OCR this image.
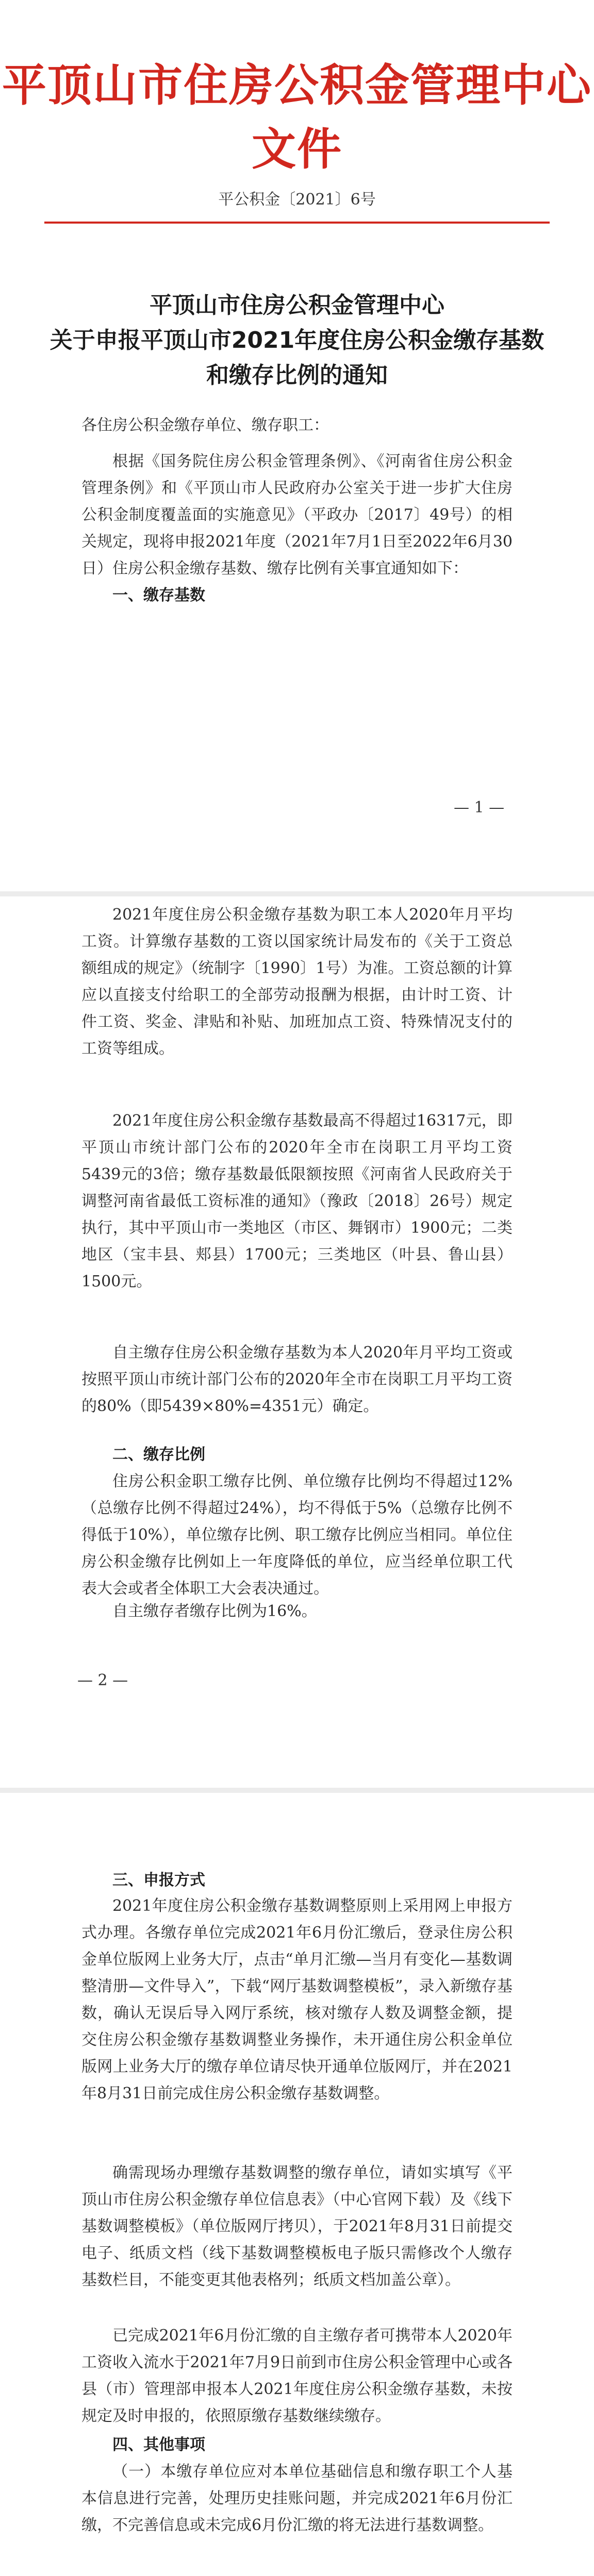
平顶山市住房公积金管理中心文件
平公积金〔2021〕6号
平顶山市住房公积金管理中心
关于申报平顶山市2021年度住房公积金缴存基数
和缴存比例的通知
各住房公积金缴存单位、缴存职工：
根据《国务院住房公积金管理条例》、《河南省住房公积金管理条例》和《平顶山市人民政府办公室关于进一步扩大住房公积金制度覆盖面的实施意见》（平政办〔2017〕49号）的相关规定，现将申报2021年度（2021年7月1日至2022年6月30日）住房公积金缴存基数、缴存比例有关事宜通知如下：
一、缴存基数
— 1 —
2021年度住房公积金缴存基数为职工本人2020年月平均工资。计算缴存基数的工资以国家统计局发布的《关于工资总额组成的规定》（统制字〔1990〕1号）为准。工资总额的计算应以直接支付给职工的全部劳动报酬为根据，由计时工资、计件工资、奖金、津贴和补贴、加班加点工资、特殊情况支付的工资等组成。
2021年度住房公积金缴存基数最高不得超过16317元，即平顶山市统计部门公布的2020年全市在岗职工月平均工资5439元的3倍；缴存基数最低限额按照《河南省人民政府关于调整河南省最低工资标准的通知》（豫政〔2018〕26号）规定执行，其中平顶山市一类地区（市区、舞钢市）1900元；二类地区（宝丰县、郏县）1700元；三类地区（叶县、鲁山县）1500元。
自主缴存住房公积金缴存基数为本人2020年月平均工资或按照平顶山市统计部门公布的2020年全市在岗职工月平均工资的80%（即5439×80%=4351元）确定。
二、缴存比例
住房公积金职工缴存比例、单位缴存比例均不得超过12%（总缴存比例不得超过24%），均不得低于5%（总缴存比例不得低于10%），单位缴存比例、职工缴存比例应当相同。单位住房公积金缴存比例如上一年度降低的单位，应当经单位职工代表大会或者全体职工大会表决通过。
自主缴存者缴存比例为16%。
— 2 —
三、申报方式
2021年度住房公积金缴存基数调整原则上采用网上申报方式办理。各缴存单位完成2021年6月份汇缴后，登录住房公积金单位版网上业务大厅，点击“单月汇缴—当月有变化—基数调整清册—文件导入”，下载“网厅基数调整模板”，录入新缴存基数，确认无误后导入网厅系统，核对缴存人数及调整金额，提交住房公积金缴存基数调整业务操作，未开通住房公积金单位版网上业务大厅的缴存单位请尽快开通单位版网厅，并在2021年8月31日前完成住房公积金缴存基数调整。
确需现场办理缴存基数调整的缴存单位，请如实填写《平顶山市住房公积金缴存单位信息表》（中心官网下载）及《线下基数调整模板》（单位版网厅拷贝），于2021年8月31日前提交电子、纸质文档（线下基数调整模板电子版只需修改个人缴存基数栏目，不能变更其他表格列；纸质文档加盖公章）。
已完成2021年6月份汇缴的自主缴存者可携带本人2020年工资收入流水于2021年7月9日前到市住房公积金管理中心或各县（市）管理部申报本人2021年度住房公积金缴存基数，未按规定及时申报的，依照原缴存基数继续缴存。
四、其他事项
（一）本缴存单位应对本单位基础信息和缴存职工个人基本信息进行完善，处理历史挂账问题，并完成2021年6月份汇缴，不完善信息或未完成6月份汇缴的将无法进行基数调整。
